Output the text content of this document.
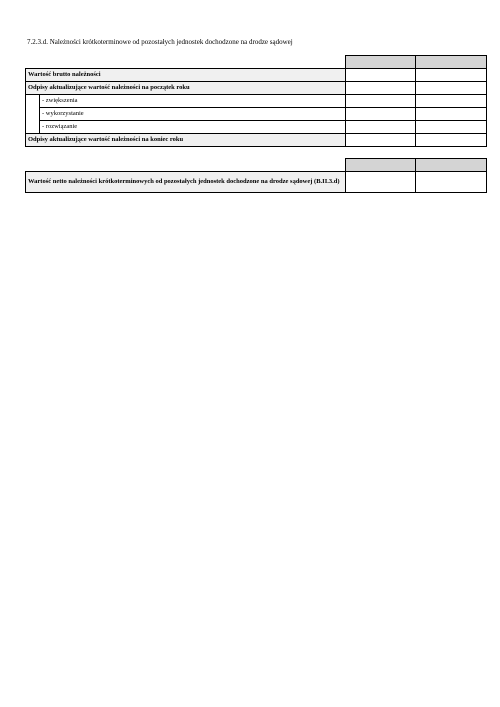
7.2.3.d. Należności krótkoterminowe od pozostałych jednostek dochodzone na drodze sądowej

Wartość brutto należności			
Odpisy aktualizujące wartość należności na początek roku			
	- zwiększenia		
	- wykorzystanie		
	- rozwiązanie		
Odpisy aktualizujące wartość należności na koniec roku			

Wartość netto należności krótkoterminowych od pozostałych jednostek dochodzone na drodze sądowej (B.II.3.d)		
